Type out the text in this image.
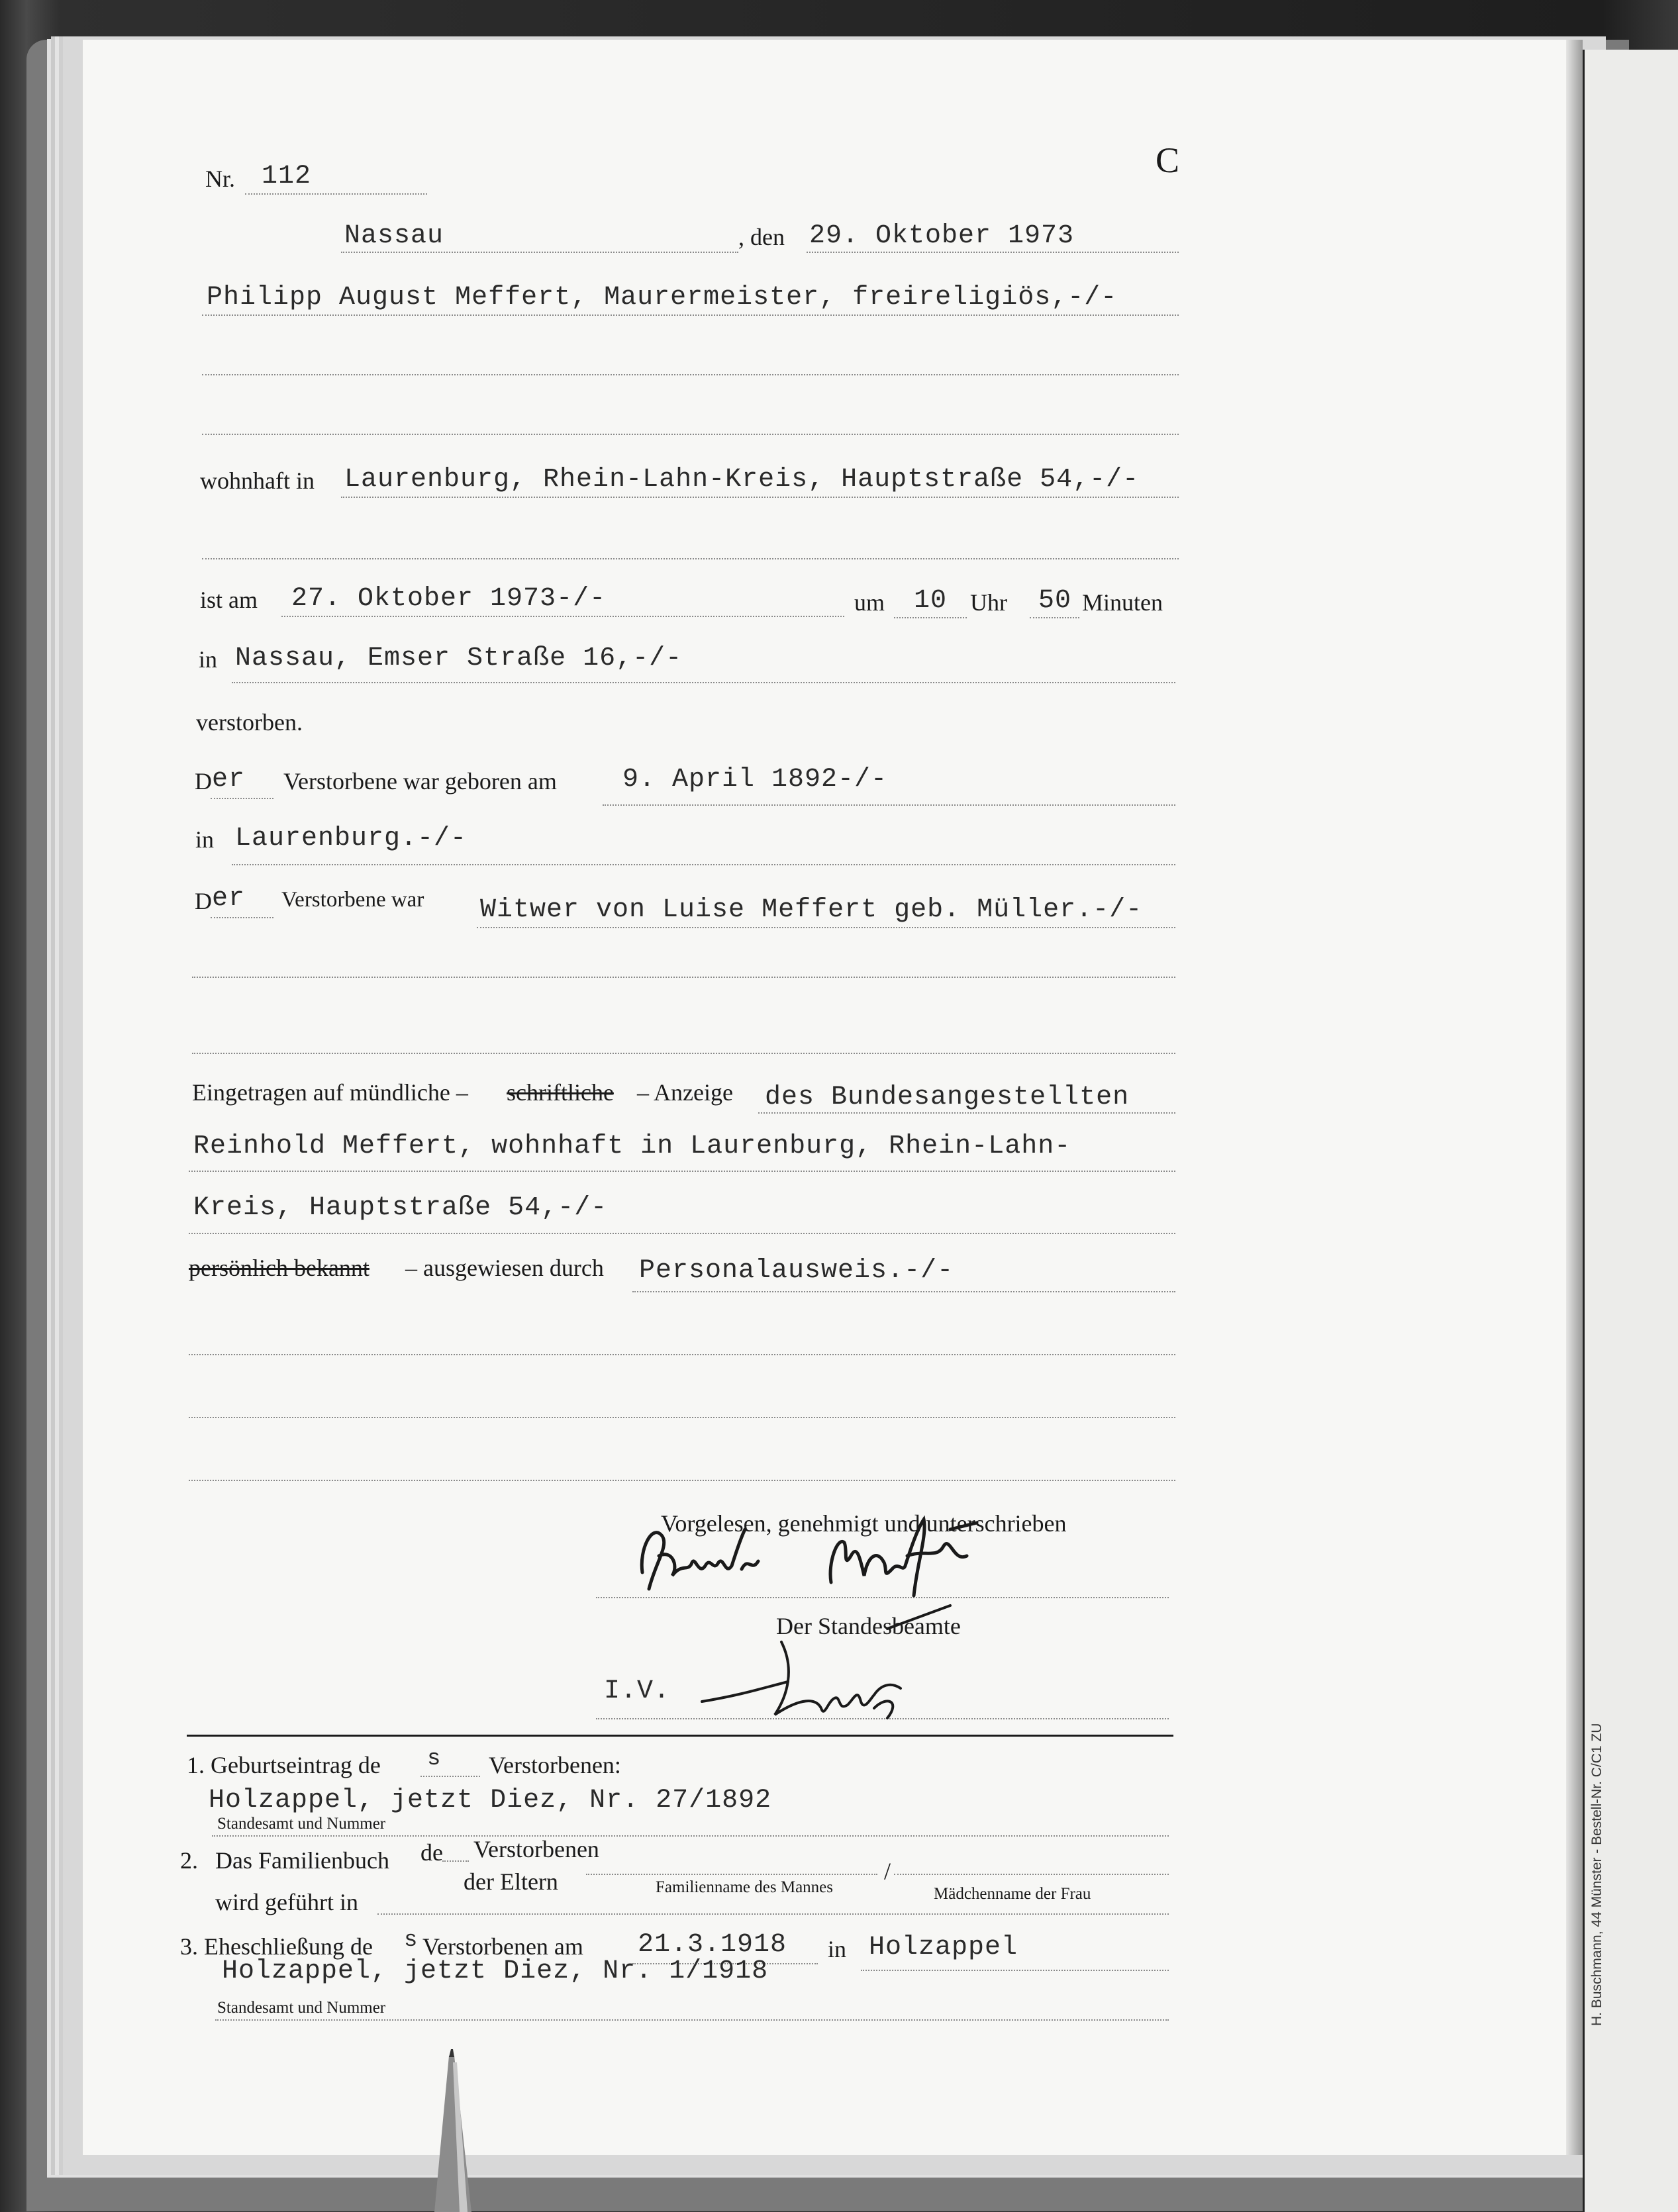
C
Nr. 112
Nassau	, den 29. Oktober 1973
Philipp August Meffert, Maurermeister, freireligiös,-/-
wohnhaft in Laurenburg, Rhein-Lahn-Kreis, Hauptstraße 54,-/-
ist am 27. Oktober 1973-/-	um 10 Uhr 50 Minuten
in Nassau, Emser Straße 16,-/-
verstorben.
D er Verstorbene war geboren am 9. April 1892-/-
in Laurenburg.-/-
D er Verstorbene war Witwer von Luise Meffert geb. Müller.-/-
Eingetragen auf mündliche – schriftliche – Anzeige des Bundesangestellten
Reinhold Meffert, wohnhaft in Laurenburg, Rhein-Lahn-
Kreis, Hauptstraße 54,-/-
persönlich bekannt – ausgewiesen durch Personalausweis.-/-
Vorgelesen, genehmigt und unterschrieben
Der Standesbeamte
I.V.
1. Geburtseintrag de s Verstorbenen:
Holzappel, jetzt Diez, Nr. 27/1892
Standesamt und Nummer
2. Das Familienbuch de Verstorbenen
der Eltern
wird geführt in
Familienname des Mannes
/
Mädchenname der Frau
3. Eheschließung de s Verstorbenen am 21.3.1918 in Holzappel
Holzappel, jetzt Diez, Nr. 1/1918
Standesamt und Nummer	H. Buschmann, 44 Münster - Bestell-Nr. C/C1 ZU
